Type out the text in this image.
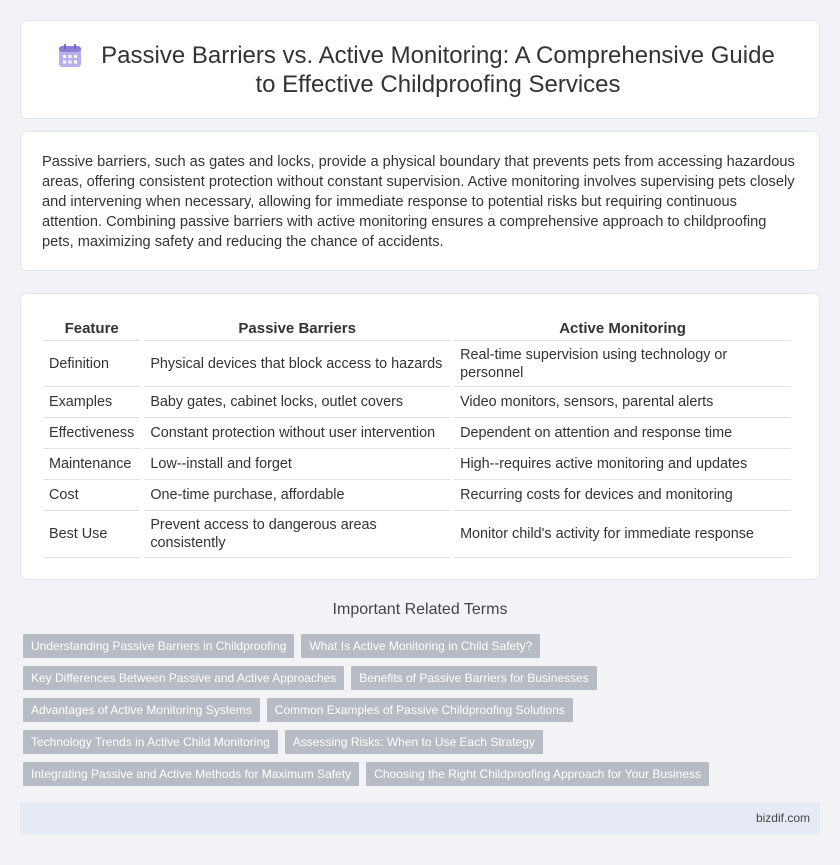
Passive Barriers vs. Active Monitoring: A Comprehensive Guide to Effective Childproofing Services

Passive barriers, such as gates and locks, provide a physical boundary that prevents pets from accessing hazardous areas, offering consistent protection without constant supervision. Active monitoring involves supervising pets closely and intervening when necessary, allowing for immediate response to potential risks but requiring continuous attention. Combining passive barriers with active monitoring ensures a comprehensive approach to childproofing pets, maximizing safety and reducing the chance of accidents.

Feature	Passive Barriers	Active Monitoring
Definition	Physical devices that block access to hazards	Real-time supervision using technology or personnel
Examples	Baby gates, cabinet locks, outlet covers	Video monitors, sensors, parental alerts
Effectiveness	Constant protection without user intervention	Dependent on attention and response time
Maintenance	Low--install and forget	High--requires active monitoring and updates
Cost	One-time purchase, affordable	Recurring costs for devices and monitoring
Best Use	Prevent access to dangerous areas consistently	Monitor child's activity for immediate response
Important Related Terms
Understanding Passive Barriers in Childproofing	What Is Active Monitoring in Child Safety?
Key Differences Between Passive and Active Approaches	Benefits of Passive Barriers for Businesses
Advantages of Active Monitoring Systems	Common Examples of Passive Childproofing Solutions
Technology Trends in Active Child Monitoring	Assessing Risks: When to Use Each Strategy
Integrating Passive and Active Methods for Maximum Safety	Choosing the Right Childproofing Approach for Your Business
bizdif.com
